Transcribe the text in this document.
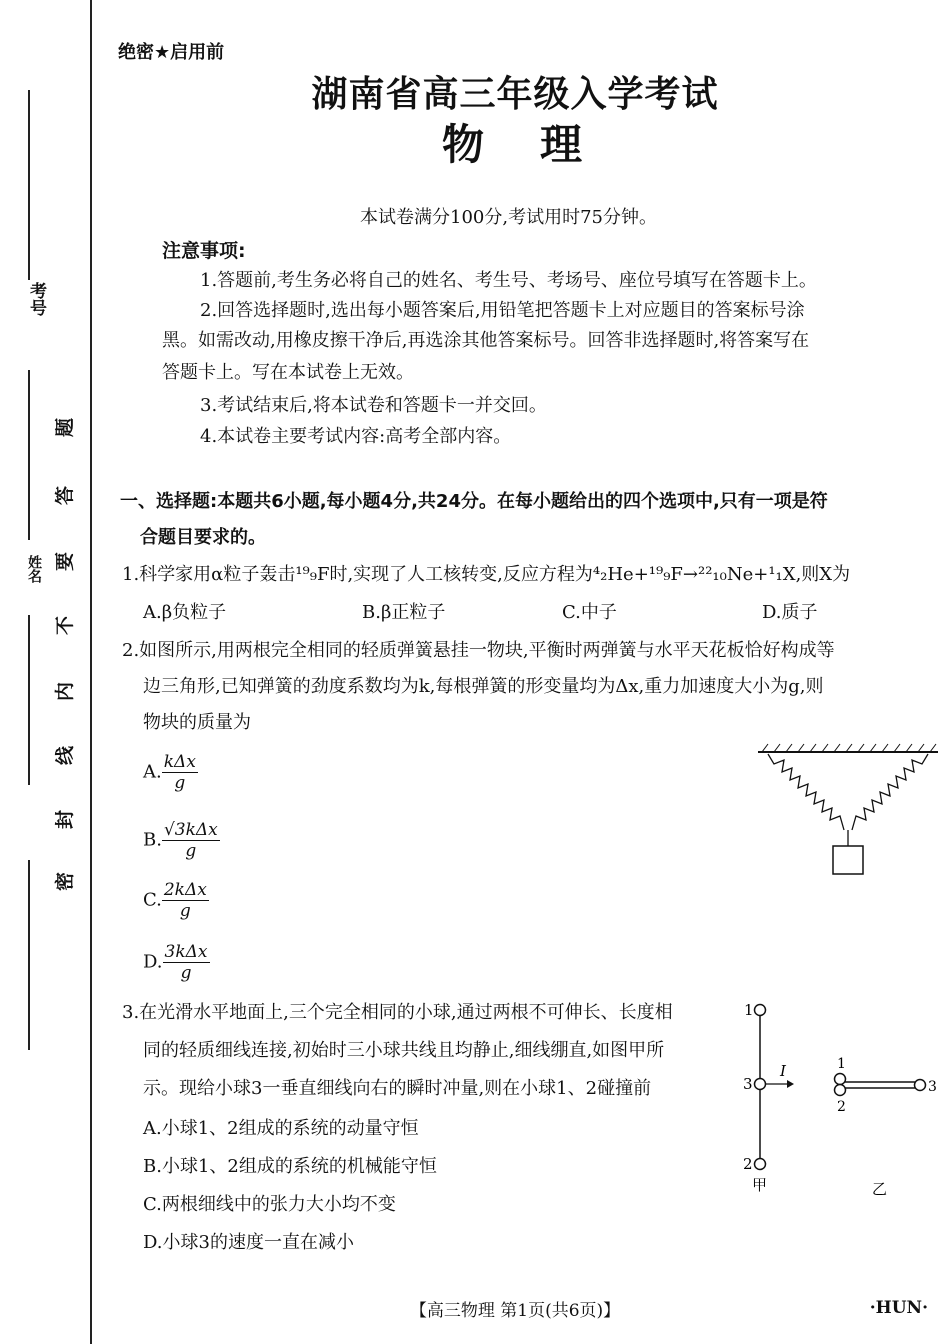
考号
姓名
密
封
线
内
不
要
答
题
绝密★启用前
湖南省高三年级入学考试
物理
本试卷满分100分,考试用时75分钟。
注意事项:
1.答题前,考生务必将自己的姓名、考生号、考场号、座位号填写在答题卡上。
2.回答选择题时,选出每小题答案后,用铅笔把答题卡上对应题目的答案标号涂
黑。如需改动,用橡皮擦干净后,再选涂其他答案标号。回答非选择题时,将答案写在
答题卡上。写在本试卷上无效。
3.考试结束后,将本试卷和答题卡一并交回。
4.本试卷主要考试内容:高考全部内容。
一、选择题:本题共6小题,每小题4分,共24分。在每小题给出的四个选项中,只有一项是符
合题目要求的。
1.科学家用α粒子轰击¹⁹₉F时,实现了人工核转变,反应方程为⁴₂He+¹⁹₉F→²²₁₀Ne+¹₁X,则X为
A.β负粒子	B.β正粒子	C.中子	D.质子
2.如图所示,用两根完全相同的轻质弹簧悬挂一物块,平衡时两弹簧与水平天花板恰好构成等
边三角形,已知弹簧的劲度系数均为k,每根弹簧的形变量均为Δx,重力加速度大小为g,则
物块的质量为
A. $\frac{\text{kΔx}}{g}$
B. $\frac{\text{√3kΔx}}{g}$
C. $\frac{\text{2kΔx}}{g}$
D. $\frac{\text{3kΔx}}{g}$
3.在光滑水平地面上,三个完全相同的小球,通过两根不可伸长、长度相
同的轻质细线连接,初始时三小球共线且均静止,细线绷直,如图甲所
示。现给小球3一垂直细线向右的瞬时冲量,则在小球1、2碰撞前
A.小球1、2组成的系统的动量守恒
B.小球1、2组成的系统的机械能守恒
C.两根细线中的张力大小均不变
D.小球3的速度一直在减小
1
3
2
I
甲
1
2
3
乙
【高三物理 第1页(共6页)】	·HUN·
